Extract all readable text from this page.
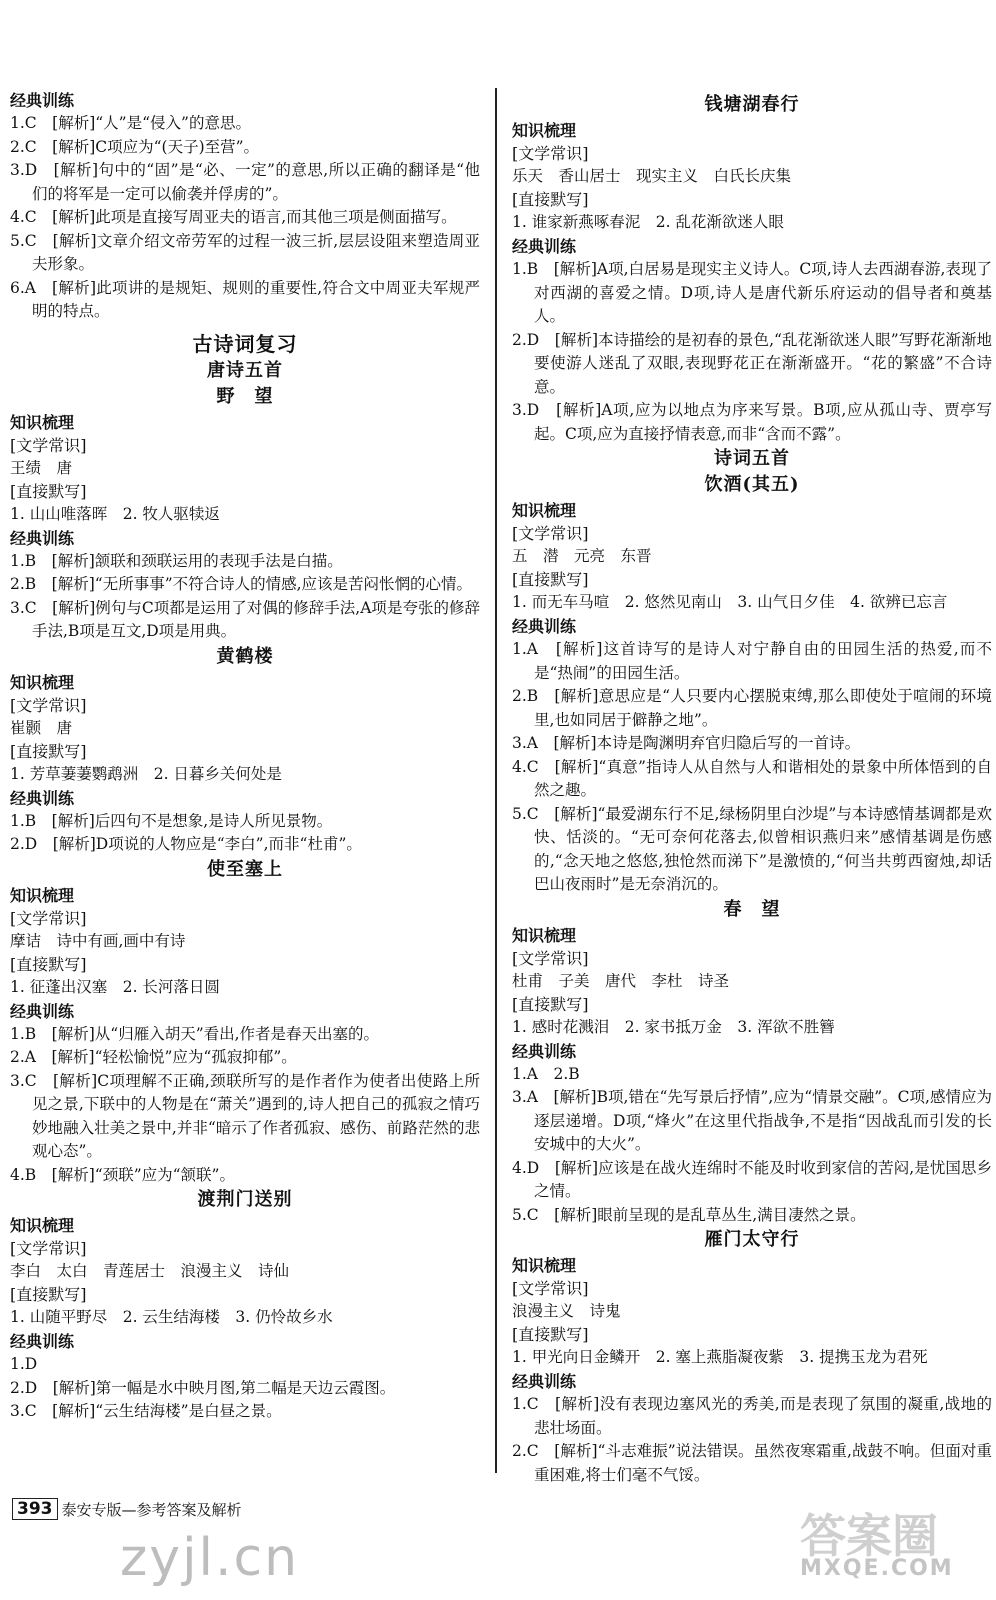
经典训练
1.C　[解析]“人”是“侵入”的意思。
2.C　[解析]C项应为“(天子)至营”。
3.D　[解析]句中的“固”是“必、一定”的意思,所以正确的翻译是“他们的将军是一定可以偷袭并俘虏的”。
4.C　[解析]此项是直接写周亚夫的语言,而其他三项是侧面描写。
5.C　[解析]文章介绍文帝劳军的过程一波三折,层层设阻来塑造周亚夫形象。
6.A　[解析]此项讲的是规矩、规则的重要性,符合文中周亚夫军规严明的特点。
古诗词复习
唐诗五首
野　望
知识梳理
[文学常识]
王绩　唐
[直接默写]
1. 山山唯落晖　2. 牧人驱犊返
经典训练
1.B　[解析]颔联和颈联运用的表现手法是白描。
2.B　[解析]“无所事事”不符合诗人的情感,应该是苦闷怅惘的心情。
3.C　[解析]例句与C项都是运用了对偶的修辞手法,A项是夸张的修辞手法,B项是互文,D项是用典。
黄鹤楼
知识梳理
[文学常识]
崔颢　唐
[直接默写]
1. 芳草萋萋鹦鹉洲　2. 日暮乡关何处是
经典训练
1.B　[解析]后四句不是想象,是诗人所见景物。
2.D　[解析]D项说的人物应是“李白”,而非“杜甫”。
使至塞上
知识梳理
[文学常识]
摩诘　诗中有画,画中有诗
[直接默写]
1. 征蓬出汉塞　2. 长河落日圆
经典训练
1.B　[解析]从“归雁入胡天”看出,作者是春天出塞的。
2.A　[解析]“轻松愉悦”应为“孤寂抑郁”。
3.C　[解析]C项理解不正确,颈联所写的是作者作为使者出使路上所见之景,下联中的人物是在“萧关”遇到的,诗人把自己的孤寂之情巧妙地融入壮美之景中,并非“暗示了作者孤寂、感伤、前路茫然的悲观心态”。
4.B　[解析]“颈联”应为“颔联”。
渡荆门送别
知识梳理
[文学常识]
李白　太白　青莲居士　浪漫主义　诗仙
[直接默写]
1. 山随平野尽　2. 云生结海楼　3. 仍怜故乡水
经典训练
1.D
2.D　[解析]第一幅是水中映月图,第二幅是天边云霞图。
3.C　[解析]“云生结海楼”是白昼之景。
钱塘湖春行
知识梳理
[文学常识]
乐天　香山居士　现实主义　白氏长庆集
[直接默写]
1. 谁家新燕啄春泥　2. 乱花渐欲迷人眼
经典训练
1.B　[解析]A项,白居易是现实主义诗人。C项,诗人去西湖春游,表现了对西湖的喜爱之情。D项,诗人是唐代新乐府运动的倡导者和奠基人。
2.D　[解析]本诗描绘的是初春的景色,“乱花渐欲迷人眼”写野花渐渐地要使游人迷乱了双眼,表现野花正在渐渐盛开。“花的繁盛”不合诗意。
3.D　[解析]A项,应为以地点为序来写景。B项,应从孤山寺、贾亭写起。C项,应为直接抒情表意,而非“含而不露”。
诗词五首
饮酒(其五)
知识梳理
[文学常识]
五　潜　元亮　东晋
[直接默写]
1. 而无车马喧　2. 悠然见南山　3. 山气日夕佳　4. 欲辨已忘言
经典训练
1.A　[解析]这首诗写的是诗人对宁静自由的田园生活的热爱,而不是“热闹”的田园生活。
2.B　[解析]意思应是“人只要内心摆脱束缚,那么即使处于喧闹的环境里,也如同居于僻静之地”。
3.A　[解析]本诗是陶渊明弃官归隐后写的一首诗。
4.C　[解析]“真意”指诗人从自然与人和谐相处的景象中所体悟到的自然之趣。
5.C　[解析]“最爱湖东行不足,绿杨阴里白沙堤”与本诗感情基调都是欢快、恬淡的。“无可奈何花落去,似曾相识燕归来”感情基调是伤感的,“念天地之悠悠,独怆然而涕下”是激愤的,“何当共剪西窗烛,却话巴山夜雨时”是无奈消沉的。
春　望
知识梳理
[文学常识]
杜甫　子美　唐代　李杜　诗圣
[直接默写]
1. 感时花溅泪　2. 家书抵万金　3. 浑欲不胜簪
经典训练
1.A　2.B
3.A　[解析]B项,错在“先写景后抒情”,应为“情景交融”。C项,感情应为逐层递增。D项,“烽火”在这里代指战争,不是指“因战乱而引发的长安城中的大火”。
4.D　[解析]应该是在战火连绵时不能及时收到家信的苦闷,是忧国思乡之情。
5.C　[解析]眼前呈现的是乱草丛生,满目凄然之景。
雁门太守行
知识梳理
[文学常识]
浪漫主义　诗鬼
[直接默写]
1. 甲光向日金鳞开　2. 塞上燕脂凝夜紫　3. 提携玉龙为君死
经典训练
1.C　[解析]没有表现边塞风光的秀美,而是表现了氛围的凝重,战地的悲壮场面。
2.C　[解析]“斗志难振”说法错误。虽然夜寒霜重,战鼓不响。但面对重重困难,将士们毫不气馁。
393 泰安专版—参考答案及解析
zyjl.cn	答案圈
MXQE.COM
